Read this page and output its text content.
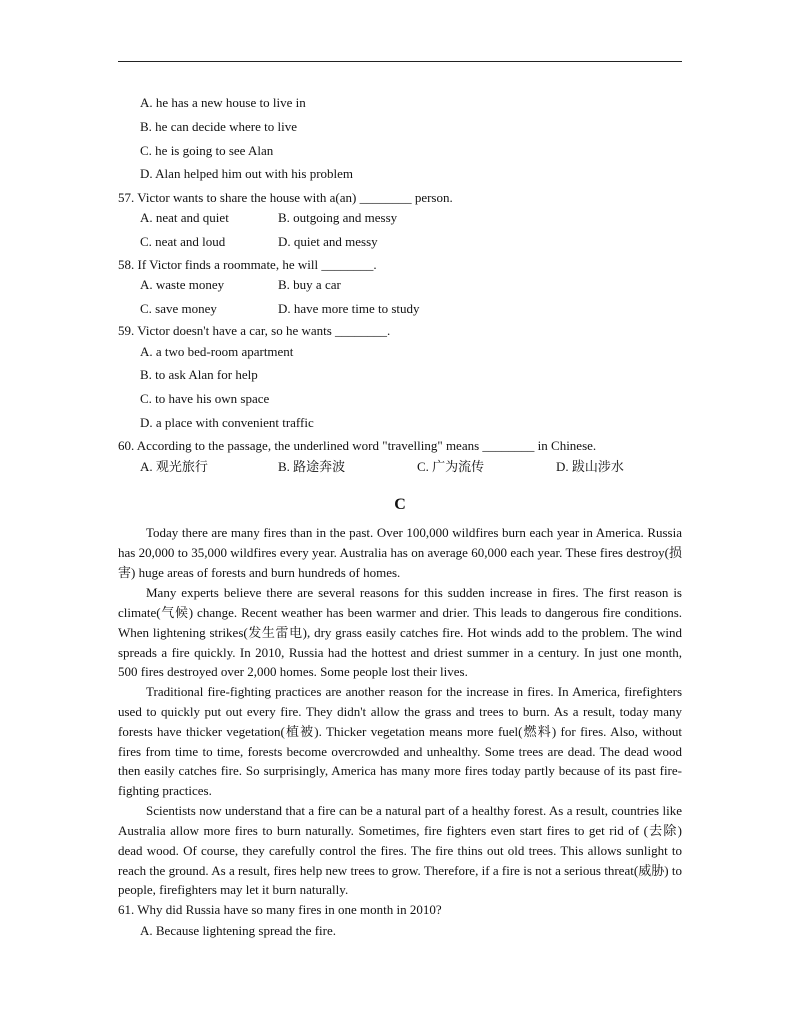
A. he has a new house to live in
B. he can decide where to live
C. he is going to see Alan
D. Alan helped him out with his problem
57. Victor wants to share the house with a(an) ________ person.
A. neat and quiet	B. outgoing and messy
C. neat and loud	D. quiet and messy
58. If Victor finds a roommate, he will ________.
A. waste money	B. buy a car
C. save money	D. have more time to study
59. Victor doesn't have a car, so he wants ________.
A. a two bed-room apartment
B. to ask Alan for help
C. to have his own space
D. a place with convenient traffic
60. According to the passage, the underlined word "travelling" means ________ in Chinese.
A. 观光旅行	B. 路途奔波	C. 广为流传	D. 跋山涉水
C

Today there are many fires than in the past. Over 100,000 wildfires burn each year in America. Russia has 20,000 to 35,000 wildfires every year. Australia has on average 60,000 each year. These fires destroy(损害) huge areas of forests and burn hundreds of homes.

Many experts believe there are several reasons for this sudden increase in fires. The first reason is climate(气候) change. Recent weather has been warmer and drier. This leads to dangerous fire conditions. When lightening strikes(发生雷电), dry grass easily catches fire. Hot winds add to the problem. The wind spreads a fire quickly. In 2010, Russia had the hottest and driest summer in a century. In just one month, 500 fires destroyed over 2,000 homes. Some people lost their lives.

Traditional fire-fighting practices are another reason for the increase in fires. In America, firefighters used to quickly put out every fire. They didn't allow the grass and trees to burn. As a result, today many forests have thicker vegetation(植被). Thicker vegetation means more fuel(燃料) for fires. Also, without fires from time to time, forests become overcrowded and unhealthy. Some trees are dead. The dead wood then easily catches fire. So surprisingly, America has many more fires today partly because of its past fire-fighting practices.

Scientists now understand that a fire can be a natural part of a healthy forest. As a result, countries like Australia allow more fires to burn naturally. Sometimes, fire fighters even start fires to get rid of (去除) dead wood. Of course, they carefully control the fires. The fire thins out old trees. This allows sunlight to reach the ground. As a result, fires help new trees to grow. Therefore, if a fire is not a serious threat(威胁) to people, firefighters may let it burn naturally.

61. Why did Russia have so many fires in one month in 2010?
A. Because lightening spread the fire.
